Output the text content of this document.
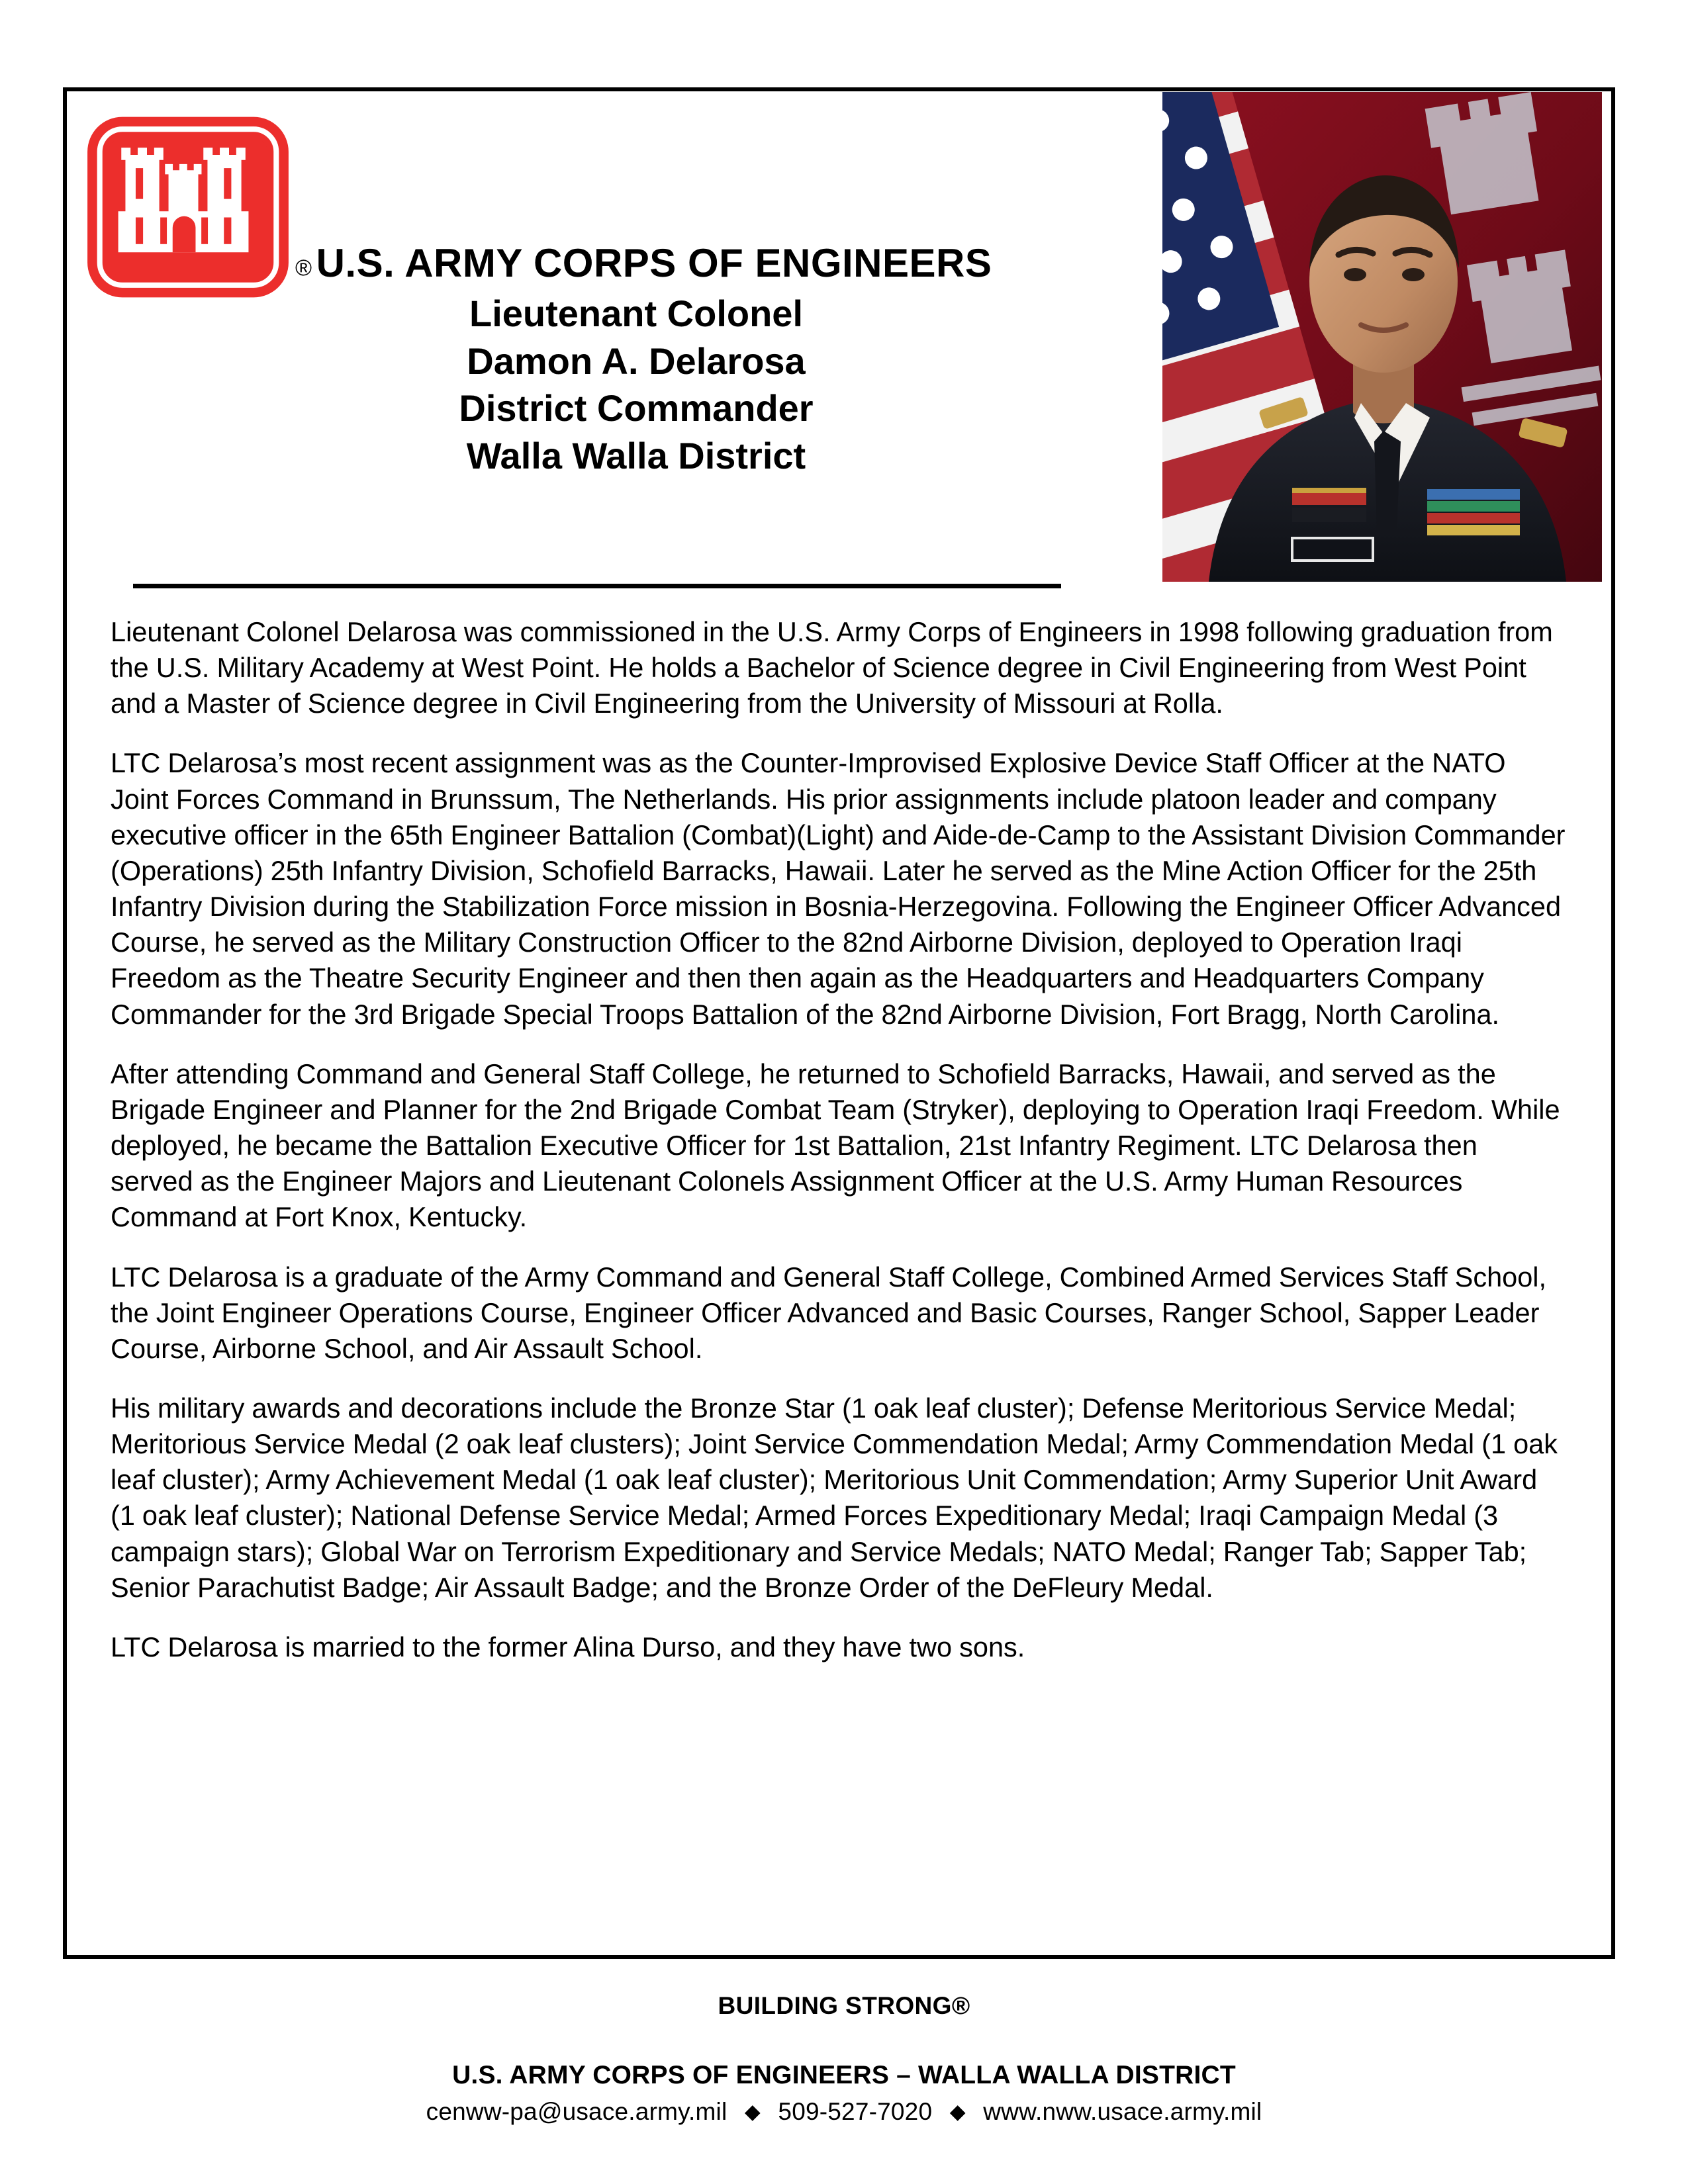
® U.S. ARMY CORPS OF ENGINEERS
Lieutenant Colonel
Damon A. Delarosa
District Commander
Walla Walla District

Lieutenant Colonel Delarosa was commissioned in the U.S. Army Corps of Engineers in 1998 following graduation from the U.S. Military Academy at West Point. He holds a Bachelor of Science degree in Civil Engineering from West Point and a Master of Science degree in Civil Engineering from the University of Missouri at Rolla.

LTC Delarosa’s most recent assignment was as the Counter-Improvised Explosive Device Staff Officer at the NATO Joint Forces Command in Brunssum, The Netherlands. His prior assignments include platoon leader and company executive officer in the 65th Engineer Battalion (Combat)(Light) and Aide-de-Camp to the Assistant Division Commander (Operations) 25th Infantry Division, Schofield Barracks, Hawaii. Later he served as the Mine Action Officer for the 25th Infantry Division during the Stabilization Force mission in Bosnia-Herzegovina. Following the Engineer Officer Advanced Course, he served as the Military Construction Officer to the 82nd Airborne Division, deployed to Operation Iraqi Freedom as the Theatre Security Engineer and then then again as the Headquarters and Headquarters Company Commander for the 3rd Brigade Special Troops Battalion of the 82nd Airborne Division, Fort Bragg, North Carolina.

After attending Command and General Staff College, he returned to Schofield Barracks, Hawaii, and served as the Brigade Engineer and Planner for the 2nd Brigade Combat Team (Stryker), deploying to Operation Iraqi Freedom. While deployed, he became the Battalion Executive Officer for 1st Battalion, 21st Infantry Regiment. LTC Delarosa then served as the Engineer Majors and Lieutenant Colonels Assignment Officer at the U.S. Army Human Resources Command at Fort Knox, Kentucky.

LTC Delarosa is a graduate of the Army Command and General Staff College, Combined Armed Services Staff School, the Joint Engineer Operations Course, Engineer Officer Advanced and Basic Courses, Ranger School, Sapper Leader Course, Airborne School, and Air Assault School.

His military awards and decorations include the Bronze Star (1 oak leaf cluster); Defense Meritorious Service Medal; Meritorious Service Medal (2 oak leaf clusters); Joint Service Commendation Medal; Army Commendation Medal (1 oak leaf cluster); Army Achievement Medal (1 oak leaf cluster); Meritorious Unit Commendation; Army Superior Unit Award (1 oak leaf cluster); National Defense Service Medal; Armed Forces Expeditionary Medal; Iraqi Campaign Medal (3 campaign stars); Global War on Terrorism Expeditionary and Service Medals; NATO Medal; Ranger Tab; Sapper Tab; Senior Parachutist Badge; Air Assault Badge; and the Bronze Order of the DeFleury Medal.

LTC Delarosa is married to the former Alina Durso, and they have two sons.

BUILDING STRONG®
U.S. ARMY CORPS OF ENGINEERS – WALLA WALLA DISTRICT
cenww-pa@usace.army.mil ◆ 509-527-7020 ◆ www.nww.usace.army.mil
